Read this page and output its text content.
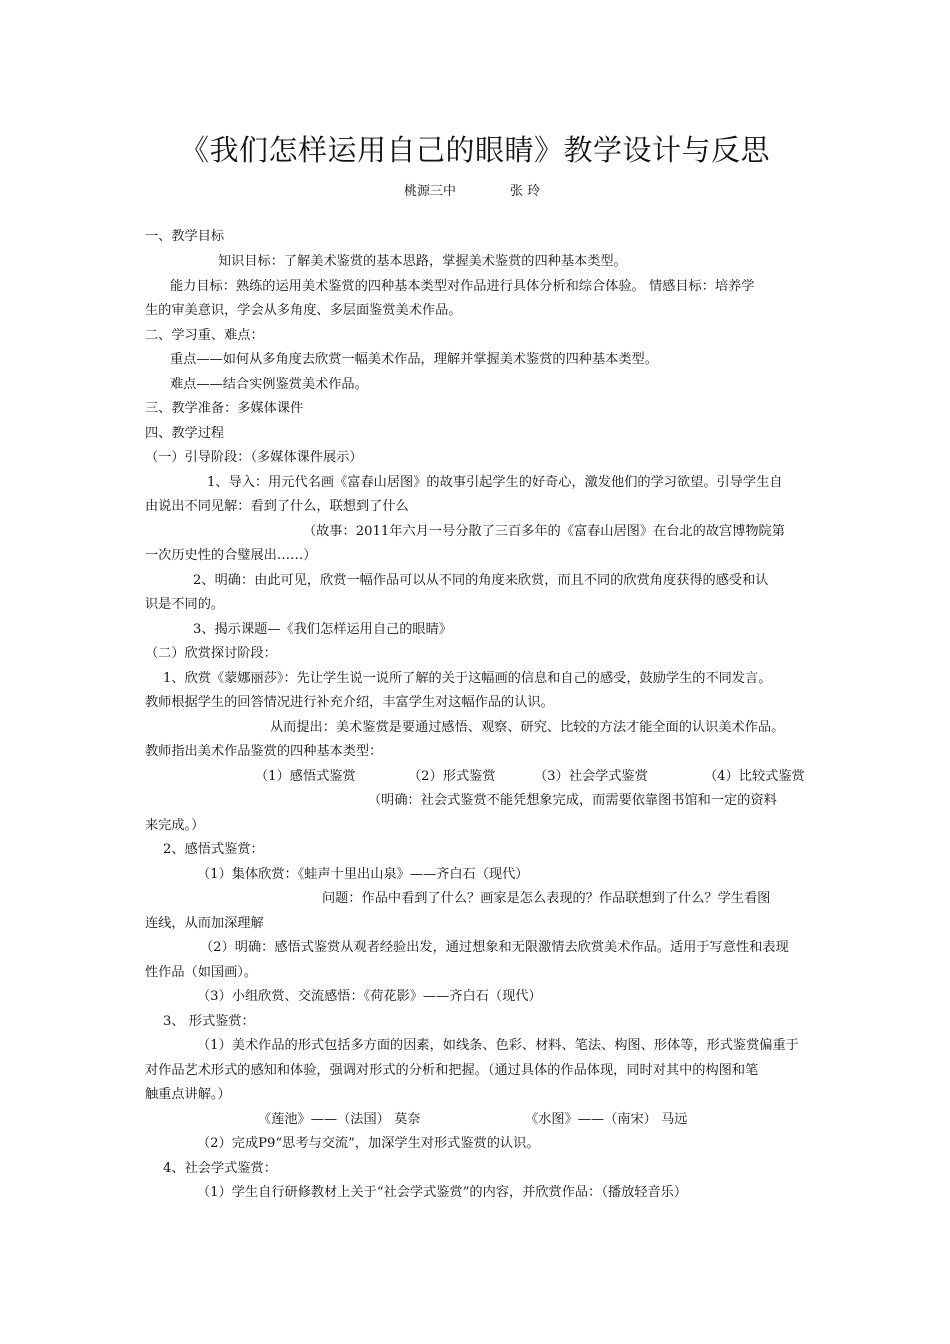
《我们怎样运用自己的眼睛》教学设计与反思
桃源三中	张 玲
一、教学目标
知识目标：了解美术鉴赏的基本思路，掌握美术鉴赏的四种基本类型。
能力目标：熟练的运用美术鉴赏的四种基本类型对作品进行具体分析和综合体验。 情感目标：培养学
生的审美意识，学会从多角度、多层面鉴赏美术作品。
二、学习重、难点：
重点——如何从多角度去欣赏一幅美术作品，理解并掌握美术鉴赏的四种基本类型。
难点——结合实例鉴赏美术作品。
三、教学准备：多媒体课件
四、教学过程
（一）引导阶段：（多媒体课件展示）
1、导入：用元代名画《富春山居图》的故事引起学生的好奇心，激发他们的学习欲望。引导学生自
由说出不同见解：看到了什么，联想到了什么
（故事：2011年六月一号分散了三百多年的《富春山居图》在台北的故宫博物院第
一次历史性的合璧展出……）
2、明确：由此可见，欣赏一幅作品可以从不同的角度来欣赏，而且不同的欣赏角度获得的感受和认
识是不同的。
3、揭示课题—《我们怎样运用自己的眼睛》
（二）欣赏探讨阶段：
1、欣赏《蒙娜丽莎》：先让学生说一说所了解的关于这幅画的信息和自己的感受，鼓励学生的不同发言。
教师根据学生的回答情况进行补充介绍，丰富学生对这幅作品的认识。
从而提出：美术鉴赏是要通过感悟、观察、研究、比较的方法才能全面的认识美术作品。
教师指出美术作品鉴赏的四种基本类型：
（1）感悟式鉴赏	（2）形式鉴赏	（3）社会学式鉴赏	（4）比较式鉴赏
（明确：社会式鉴赏不能凭想象完成，而需要依靠图书馆和一定的资料
来完成。）
2、感悟式鉴赏：
（1）集体欣赏：《蛙声十里出山泉》——齐白石（现代）
问题：作品中看到了什么？画家是怎么表现的？作品联想到了什么？学生看图
连线，从而加深理解
（2）明确：感悟式鉴赏从观者经验出发，通过想象和无限激情去欣赏美术作品。适用于写意性和表现
性作品（如国画）。
（3）小组欣赏、交流感悟：《荷花影》——齐白石（现代）
3、 形式鉴赏：
（1）美术作品的形式包括多方面的因素，如线条、色彩、材料、笔法、构图、形体等，形式鉴赏偏重于
对作品艺术形式的感知和体验，强调对形式的分析和把握。（通过具体的作品体现，同时对其中的构图和笔
触重点讲解。）
《莲池》——（法国） 莫奈	《水图》——（南宋） 马远
（2）完成P9“思考与交流”，加深学生对形式鉴赏的认识。
4、社会学式鉴赏：
（1）学生自行研修教材上关于“社会学式鉴赏”的内容，并欣赏作品：（播放轻音乐）
